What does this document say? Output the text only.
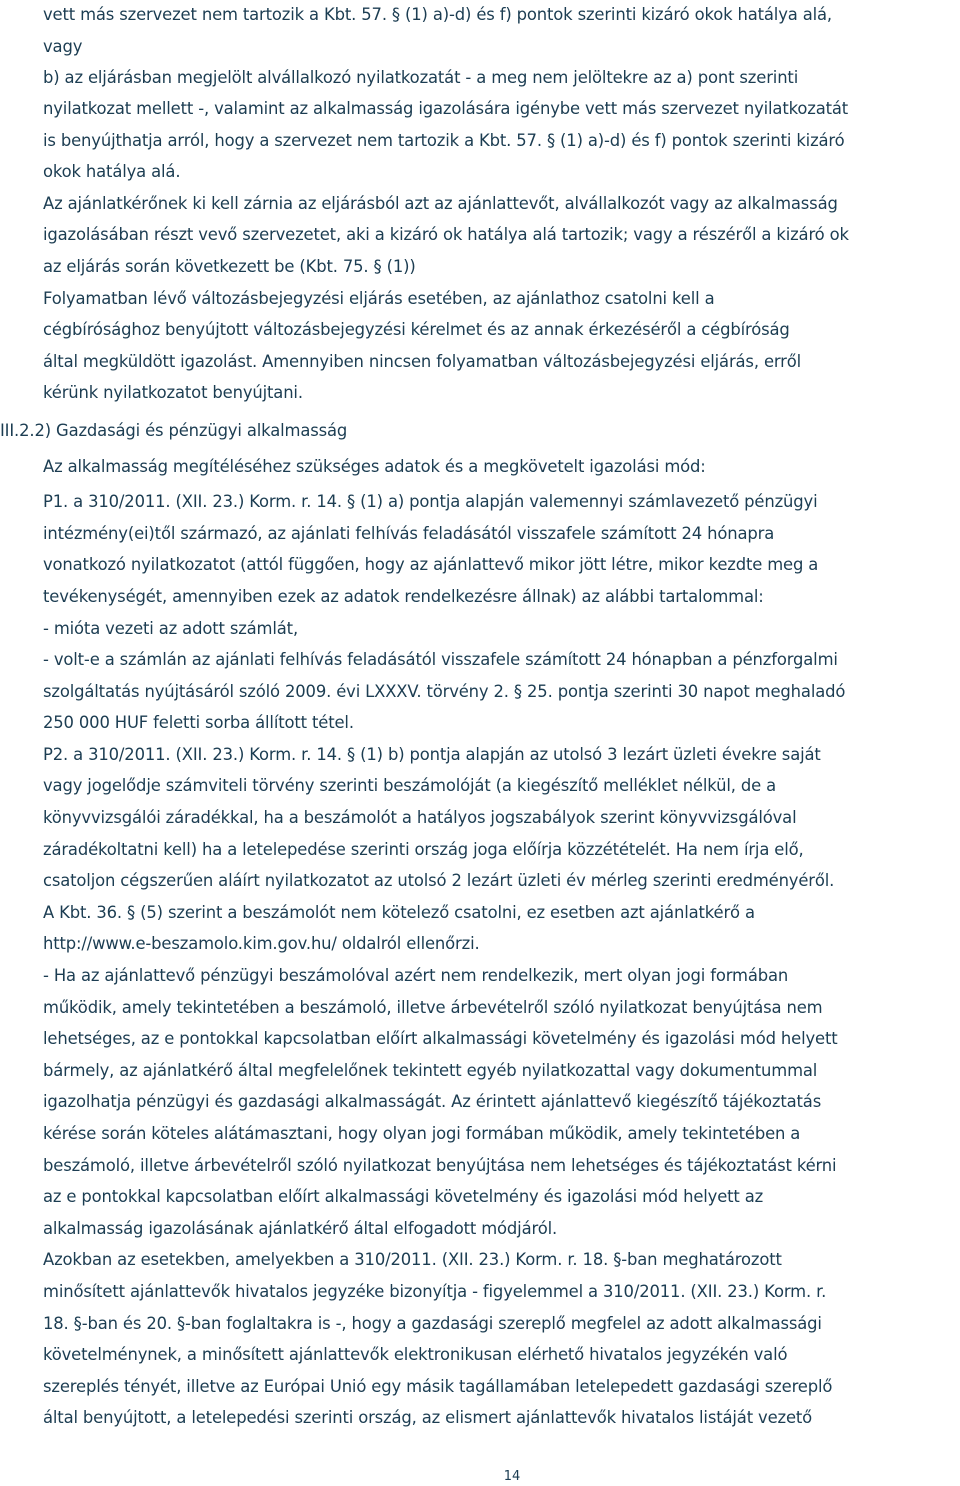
vett más szervezet nem tartozik a Kbt. 57. § (1) a)-d) és f) pontok szerinti kizáró okok hatálya alá,
vagy
b) az eljárásban megjelölt alvállalkozó nyilatkozatát - a meg nem jelöltekre az a) pont szerinti
nyilatkozat mellett -, valamint az alkalmasság igazolására igénybe vett más szervezet nyilatkozatát
is benyújthatja arról, hogy a szervezet nem tartozik a Kbt. 57. § (1) a)-d) és f) pontok szerinti kizáró
okok hatálya alá.
Az ajánlatkérőnek ki kell zárnia az eljárásból azt az ajánlattevőt, alvállalkozót vagy az alkalmasság
igazolásában részt vevő szervezetet, aki a kizáró ok hatálya alá tartozik; vagy a részéről a kizáró ok
az eljárás során következett be (Kbt. 75. § (1))
Folyamatban lévő változásbejegyzési eljárás esetében, az ajánlathoz csatolni kell a
cégbírósághoz benyújtott változásbejegyzési kérelmet és az annak érkezéséről a cégbíróság
által megküldött igazolást. Amennyiben nincsen folyamatban változásbejegyzési eljárás, erről
kérünk nyilatkozatot benyújtani.
III.2.2) Gazdasági és pénzügyi alkalmasság
Az alkalmasság megítéléséhez szükséges adatok és a megkövetelt igazolási mód:
P1. a 310/2011. (XII. 23.) Korm. r. 14. § (1) a) pontja alapján valemennyi számlavezető pénzügyi
intézmény(ei)től származó, az ajánlati felhívás feladásától visszafele számított 24 hónapra
vonatkozó nyilatkozatot (attól függően, hogy az ajánlattevő mikor jött létre, mikor kezdte meg a
tevékenységét, amennyiben ezek az adatok rendelkezésre állnak) az alábbi tartalommal:
- mióta vezeti az adott számlát,
- volt-e a számlán az ajánlati felhívás feladásától visszafele számított 24 hónapban a pénzforgalmi
szolgáltatás nyújtásáról szóló 2009. évi LXXXV. törvény 2. § 25. pontja szerinti 30 napot meghaladó
250 000 HUF feletti sorba állított tétel.
P2. a 310/2011. (XII. 23.) Korm. r. 14. § (1) b) pontja alapján az utolsó 3 lezárt üzleti évekre saját
vagy jogelődje számviteli törvény szerinti beszámolóját (a kiegészítő melléklet nélkül, de a
könyvvizsgálói záradékkal, ha a beszámolót a hatályos jogszabályok szerint könyvvizsgálóval
záradékoltatni kell) ha a letelepedése szerinti ország joga előírja közzétételét. Ha nem írja elő,
csatoljon cégszerűen aláírt nyilatkozatot az utolsó 2 lezárt üzleti év mérleg szerinti eredményéről.
A Kbt. 36. § (5) szerint a beszámolót nem kötelező csatolni, ez esetben azt ajánlatkérő a
http://www.e-beszamolo.kim.gov.hu/ oldalról ellenőrzi.
- Ha az ajánlattevő pénzügyi beszámolóval azért nem rendelkezik, mert olyan jogi formában
működik, amely tekintetében a beszámoló, illetve árbevételről szóló nyilatkozat benyújtása nem
lehetséges, az e pontokkal kapcsolatban előírt alkalmassági követelmény és igazolási mód helyett
bármely, az ajánlatkérő által megfelelőnek tekintett egyéb nyilatkozattal vagy dokumentummal
igazolhatja pénzügyi és gazdasági alkalmasságát. Az érintett ajánlattevő kiegészítő tájékoztatás
kérése során köteles alátámasztani, hogy olyan jogi formában működik, amely tekintetében a
beszámoló, illetve árbevételről szóló nyilatkozat benyújtása nem lehetséges és tájékoztatást kérni
az e pontokkal kapcsolatban előírt alkalmassági követelmény és igazolási mód helyett az
alkalmasság igazolásának ajánlatkérő által elfogadott módjáról.
Azokban az esetekben, amelyekben a 310/2011. (XII. 23.) Korm. r. 18. §-ban meghatározott
minősített ajánlattevők hivatalos jegyzéke bizonyítja - figyelemmel a 310/2011. (XII. 23.) Korm. r.
18. §-ban és 20. §-ban foglaltakra is -, hogy a gazdasági szereplő megfelel az adott alkalmassági
követelménynek, a minősített ajánlattevők elektronikusan elérhető hivatalos jegyzékén való
szereplés tényét, illetve az Európai Unió egy másik tagállamában letelepedett gazdasági szereplő
által benyújtott, a letelepedési szerinti ország, az elismert ajánlattevők hivatalos listáját vezető
14
